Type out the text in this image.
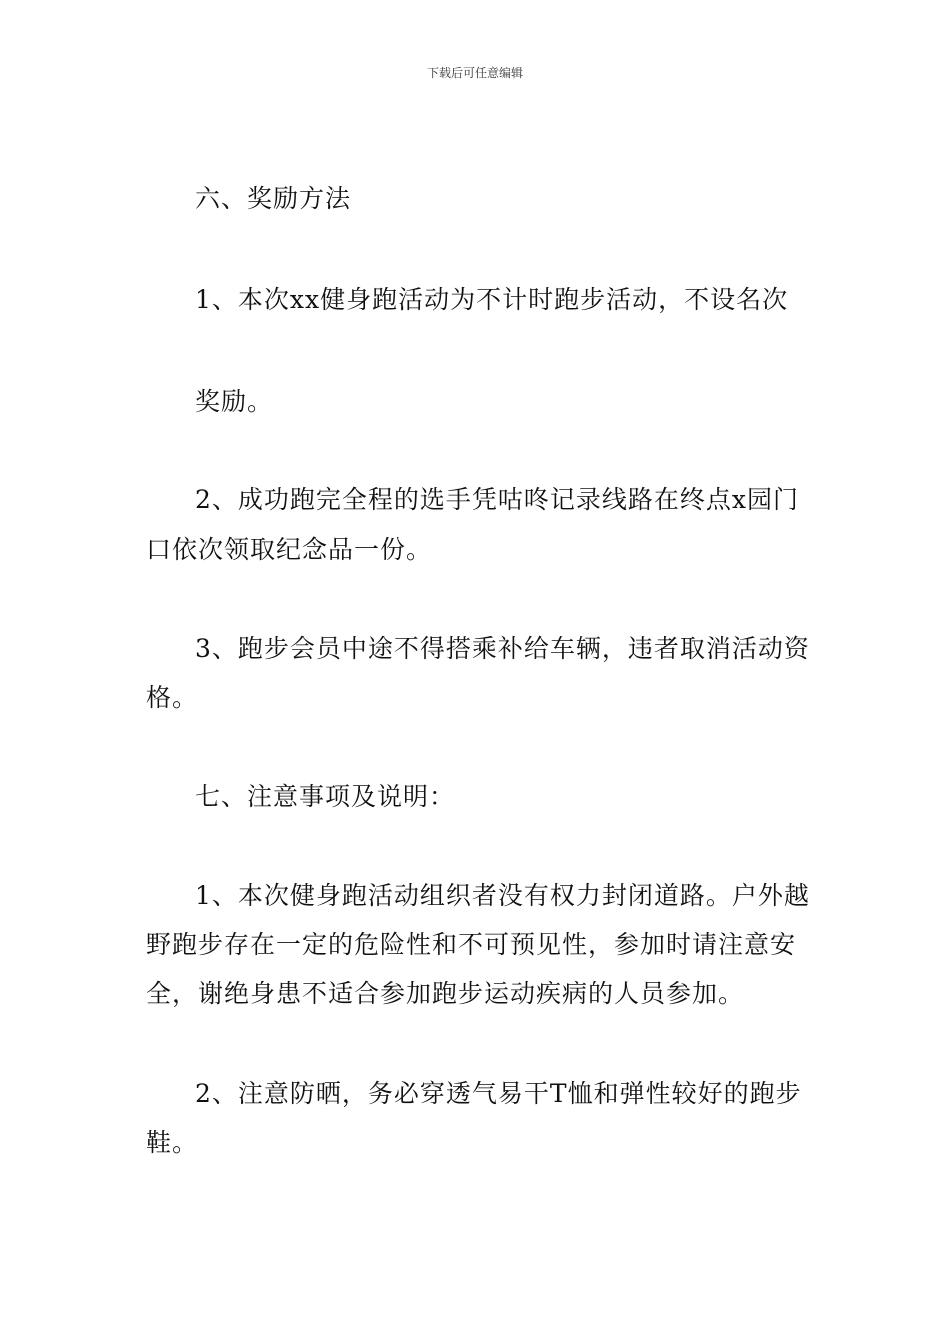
下载后可任意编辑
六、奖励方法
1、本次xx健身跑活动为不计时跑步活动，不设名次
奖励。
2、成功跑完全程的选手凭咕咚记录线路在终点x园门
口依次领取纪念品一份。
3、跑步会员中途不得搭乘补给车辆，违者取消活动资
格。
七、注意事项及说明：
1、本次健身跑活动组织者没有权力封闭道路。户外越
野跑步存在一定的危险性和不可预见性，参加时请注意安
全，谢绝身患不适合参加跑步运动疾病的人员参加。
2、注意防晒，务必穿透气易干T恤和弹性较好的跑步
鞋。
